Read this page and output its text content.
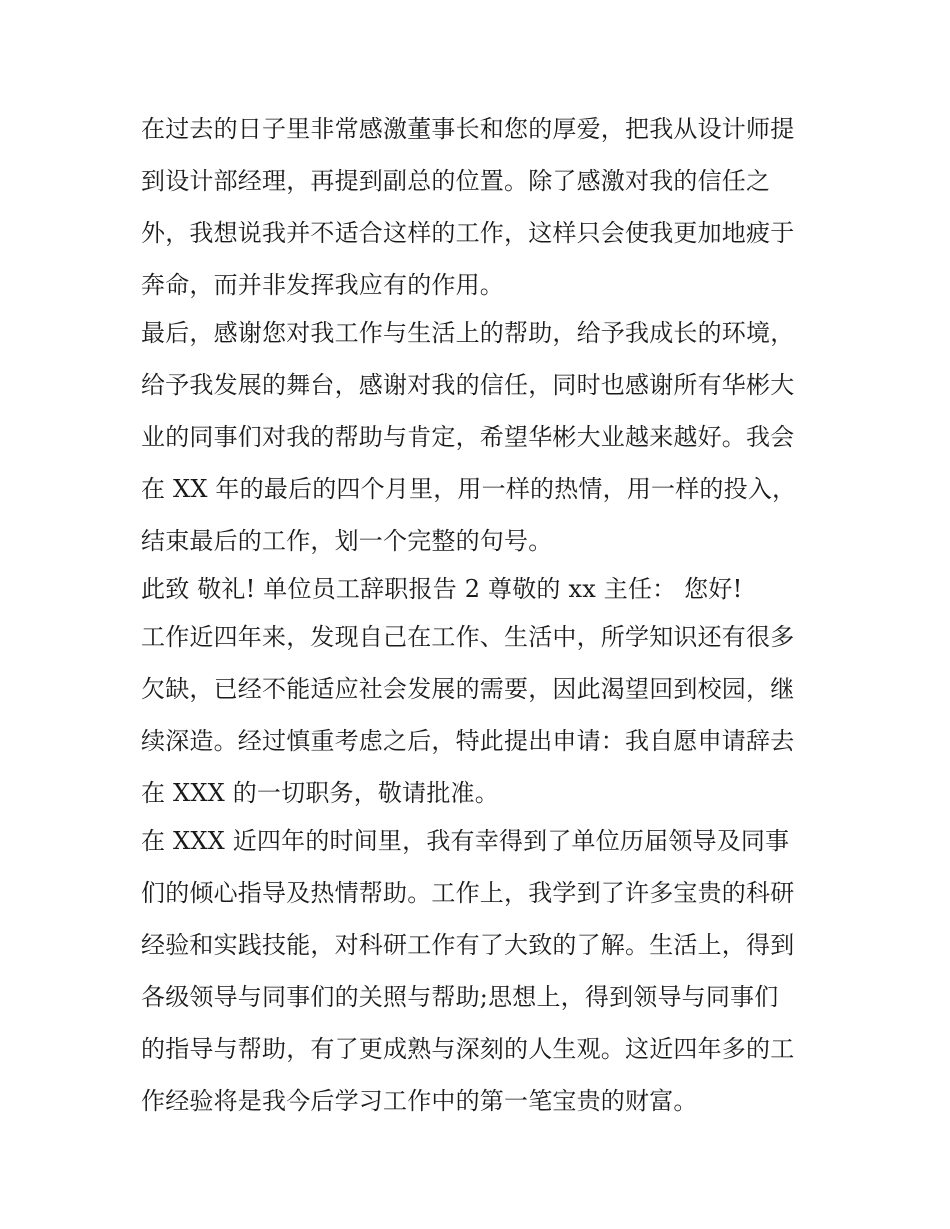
在过去的日子里非常感激董事长和您的厚爱，把我从设计师提
到设计部经理，再提到副总的位置。除了感激对我的信任之
外，我想说我并不适合这样的工作，这样只会使我更加地疲于
奔命，而并非发挥我应有的作用。
最后，感谢您对我工作与生活上的帮助，给予我成长的环境，
给予我发展的舞台，感谢对我的信任，同时也感谢所有华彬大
业的同事们对我的帮助与肯定，希望华彬大业越来越好。我会
在 XX 年的最后的四个月里，用一样的热情，用一样的投入，
结束最后的工作，划一个完整的句号。
此致 敬礼! 单位员工辞职报告 2 尊敬的 xx 主任： 您好!
工作近四年来，发现自己在工作、生活中，所学知识还有很多
欠缺，已经不能适应社会发展的需要，因此渴望回到校园，继
续深造。经过慎重考虑之后，特此提出申请：我自愿申请辞去
在 XXX 的一切职务，敬请批准。
在 XXX 近四年的时间里，我有幸得到了单位历届领导及同事
们的倾心指导及热情帮助。工作上，我学到了许多宝贵的科研
经验和实践技能，对科研工作有了大致的了解。生活上，得到
各级领导与同事们的关照与帮助;思想上，得到领导与同事们
的指导与帮助，有了更成熟与深刻的人生观。这近四年多的工
作经验将是我今后学习工作中的第一笔宝贵的财富。
